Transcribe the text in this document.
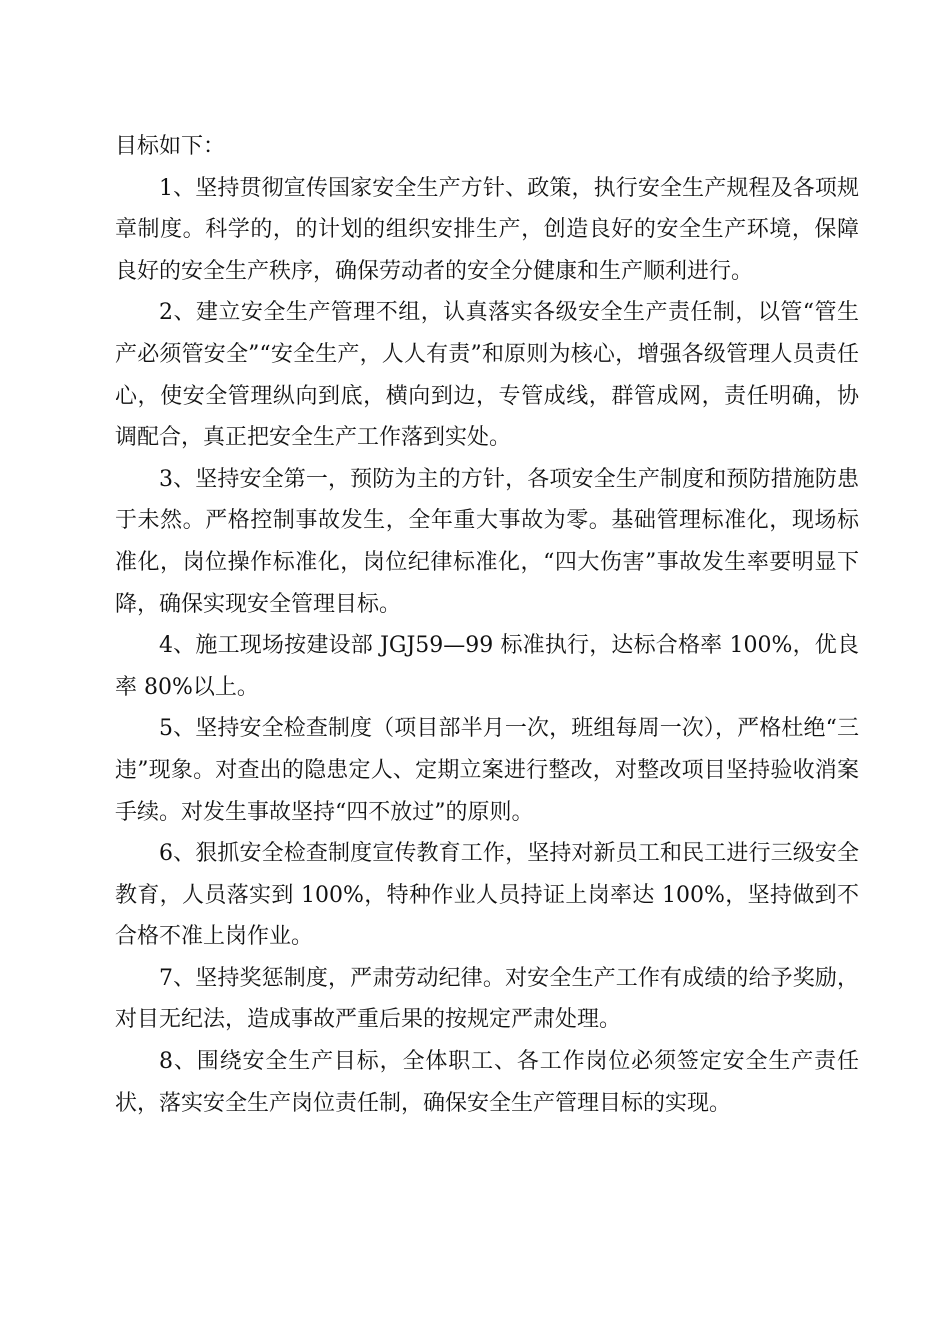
目标如下：

1、坚持贯彻宣传国家安全生产方针、政策，执行安全生产规程及各项规章制度。科学的，的计划的组织安排生产，创造良好的安全生产环境，保障良好的安全生产秩序，确保劳动者的安全分健康和生产顺利进行。

2、建立安全生产管理不组，认真落实各级安全生产责任制，以管“管生产必须管安全”“安全生产，人人有责”和原则为核心，增强各级管理人员责任心，使安全管理纵向到底，横向到边，专管成线，群管成网，责任明确，协调配合，真正把安全生产工作落到实处。

3、坚持安全第一，预防为主的方针，各项安全生产制度和预防措施防患于未然。严格控制事故发生，全年重大事故为零。基础管理标准化，现场标准化，岗位操作标准化，岗位纪律标准化，“四大伤害”事故发生率要明显下降，确保实现安全管理目标。

4、施工现场按建设部 JGJ59—99 标准执行，达标合格率 100%，优良率 80%以上。

5、坚持安全检查制度（项目部半月一次，班组每周一次），严格杜绝“三违”现象。对查出的隐患定人、定期立案进行整改，对整改项目坚持验收消案手续。对发生事故坚持“四不放过”的原则。

6、狠抓安全检查制度宣传教育工作，坚持对新员工和民工进行三级安全教育，人员落实到 100%，特种作业人员持证上岗率达 100%，坚持做到不合格不准上岗作业。

7、坚持奖惩制度，严肃劳动纪律。对安全生产工作有成绩的给予奖励，对目无纪法，造成事故严重后果的按规定严肃处理。

8、围绕安全生产目标，全体职工、各工作岗位必须签定安全生产责任状，落实安全生产岗位责任制，确保安全生产管理目标的实现。
